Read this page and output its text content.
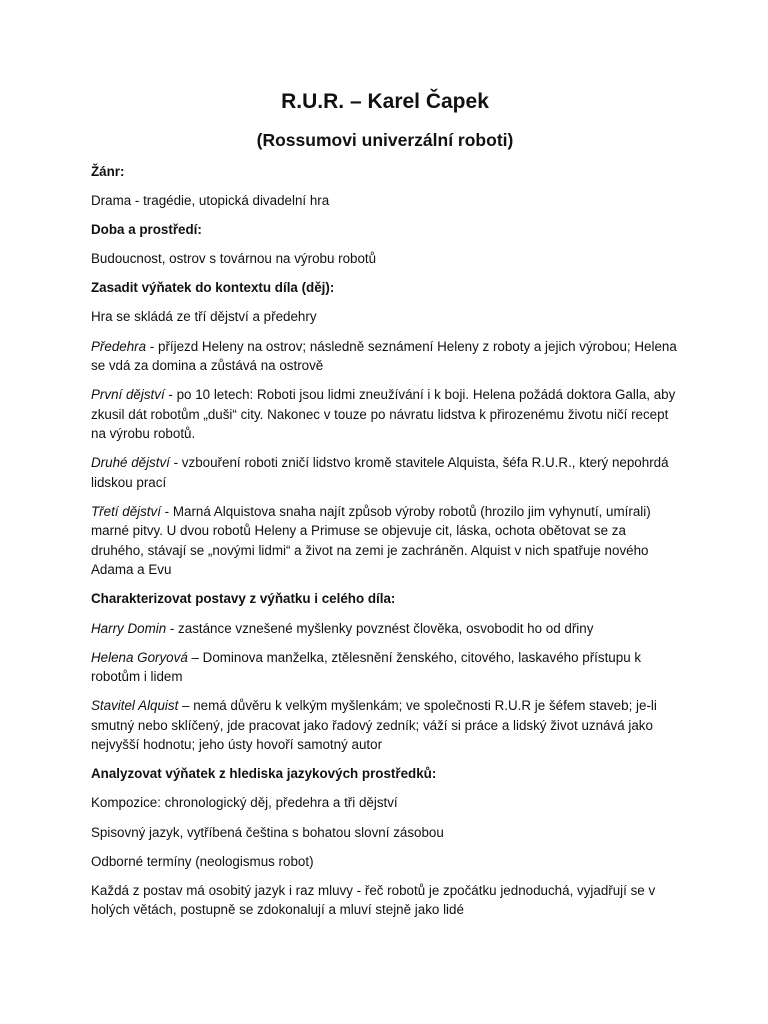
R.U.R. – Karel Čapek
(Rossumovi univerzální roboti)
Žánr:
Drama - tragédie, utopická divadelní hra
Doba a prostředí:
Budoucnost, ostrov s továrnou na výrobu robotů
Zasadit výňatek do kontextu díla (děj):
Hra se skládá ze tří dějství a předehry
Předehra - příjezd Heleny na ostrov; následně seznámení Heleny z roboty a jejich výrobou; Helena se vdá za domina a zůstává na ostrově
První dějství - po 10 letech: Roboti jsou lidmi zneužívání i k boji. Helena požádá doktora Galla, aby zkusil dát robotům „duši“ city. Nakonec v touze po návratu lidstva k přirozenému životu ničí recept na výrobu robotů.
Druhé dějství - vzbouření roboti zničí lidstvo kromě stavitele Alquista, šéfa R.U.R., který nepohrdá lidskou prací
Třetí dějství - Marná Alquistova snaha najít způsob výroby robotů (hrozilo jim vyhynutí, umírali) marné pitvy. U dvou robotů Heleny a Primuse se objevuje cit, láska, ochota obětovat se za druhého, stávají se „novými lidmi“ a život na zemi je zachráněn. Alquist v nich spatřuje nového Adama a Evu
Charakterizovat postavy z výňatku i celého díla:
Harry Domin - zastánce vznešené myšlenky povznést člověka, osvobodit ho od dřiny
Helena Goryová – Dominova manželka, ztělesnění ženského, citového, laskavého přístupu k robotům i lidem
Stavitel Alquist – nemá důvěru k velkým myšlenkám; ve společnosti R.U.R je šéfem staveb; je-li smutný nebo sklíčený, jde pracovat jako řadový zedník; váží si práce a lidský život uznává jako nejvyšší hodnotu; jeho ústy hovoří samotný autor
Analyzovat výňatek z hlediska jazykových prostředků:
Kompozice: chronologický děj, předehra a tři dějství
Spisovný jazyk, vytříbená čeština s bohatou slovní zásobou
Odborné termíny (neologismus robot)
Každá z postav má osobitý jazyk i raz mluvy - řeč robotů je zpočátku jednoduchá, vyjadřují se v holých větách, postupně se zdokonalují a mluví stejně jako lidé
